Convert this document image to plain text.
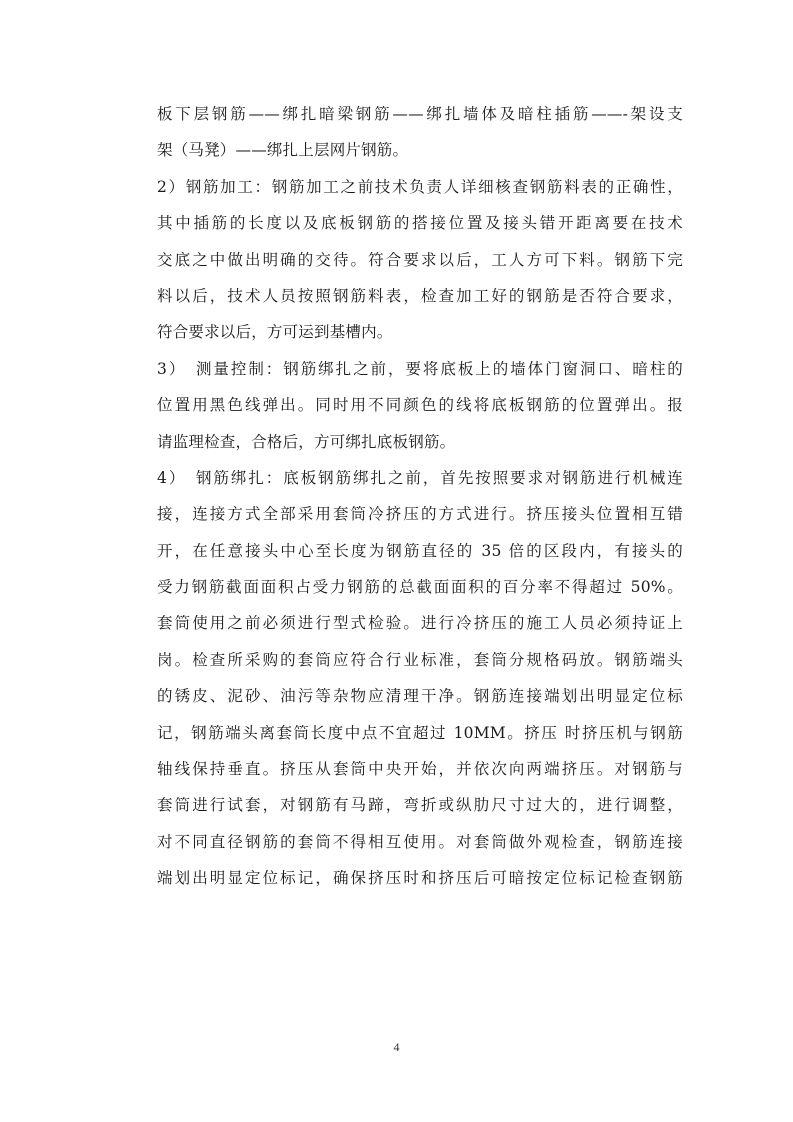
板下层钢筋——绑扎暗梁钢筋——绑扎墙体及暗柱插筋——-架设支
架（马凳）——绑扎上层网片钢筋。
2）钢筋加工：钢筋加工之前技术负责人详细核查钢筋料表的正确性，
其中插筋的长度以及底板钢筋的搭接位置及接头错开距离要在技术
交底之中做出明确的交待。符合要求以后，工人方可下料。钢筋下完
料以后，技术人员按照钢筋料表，检查加工好的钢筋是否符合要求，
符合要求以后，方可运到基槽内。
3）　测量控制：钢筋绑扎之前，要将底板上的墙体门窗洞口、暗柱的
位置用黑色线弹出。同时用不同颜色的线将底板钢筋的位置弹出。报
请监理检查，合格后，方可绑扎底板钢筋。
4）　钢筋绑扎：底板钢筋绑扎之前，首先按照要求对钢筋进行机械连
接，连接方式全部采用套筒冷挤压的方式进行。挤压接头位置相互错
开，在任意接头中心至长度为钢筋直径的 35 倍的区段内，有接头的
受力钢筋截面面积占受力钢筋的总截面面积的百分率不得超过 50%。
套筒使用之前必须进行型式检验。进行冷挤压的施工人员必须持证上
岗。检查所采购的套筒应符合行业标准，套筒分规格码放。钢筋端头
的锈皮、泥砂、油污等杂物应清理干净。钢筋连接端划出明显定位标
记，钢筋端头离套筒长度中点不宜超过 10MM。挤压 时挤压机与钢筋
轴线保持垂直。挤压从套筒中央开始，并依次向两端挤压。对钢筋与
套筒进行试套，对钢筋有马蹄，弯折或纵肋尺寸过大的，进行调整，
对不同直径钢筋的套筒不得相互使用。对套筒做外观检查，钢筋连接
端划出明显定位标记，确保挤压时和挤压后可暗按定位标记检查钢筋
4
